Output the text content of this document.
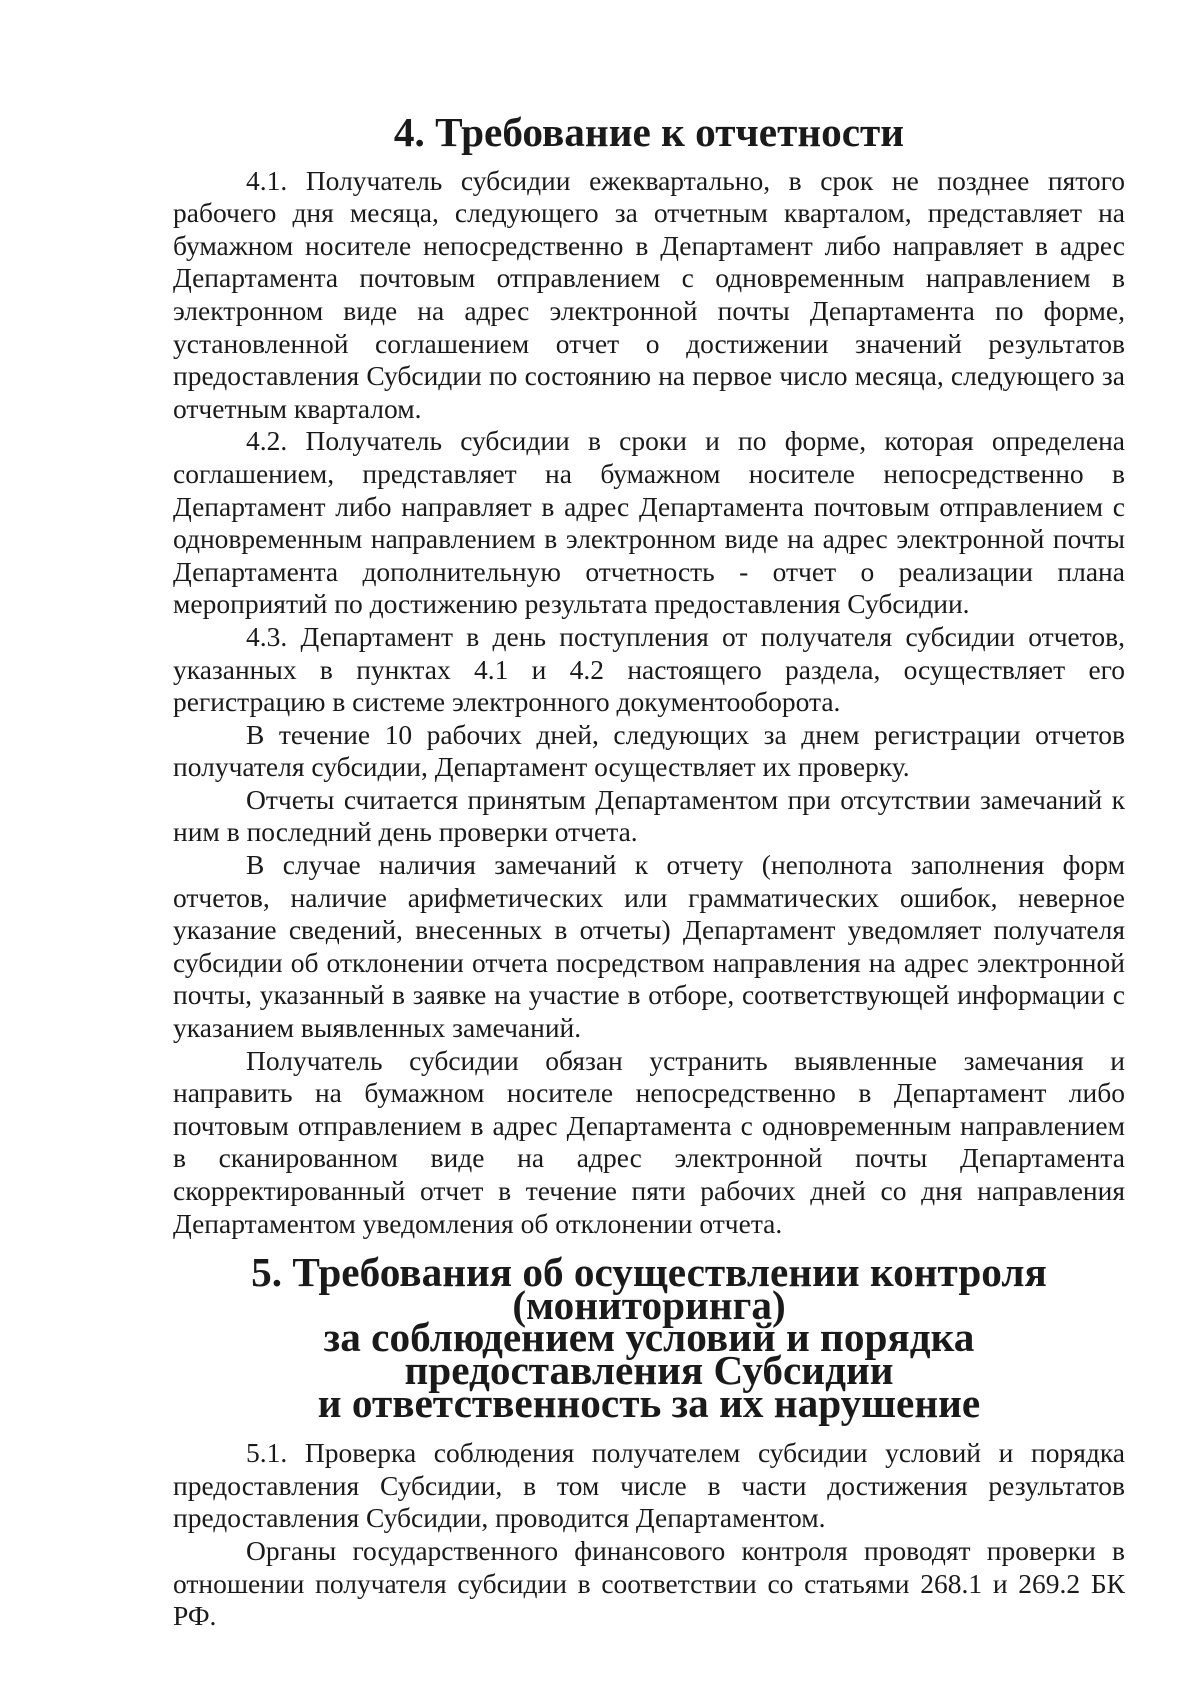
4. Требование к отчетности

4.1. Получатель субсидии ежеквартально, в срок не позднее пятого рабочего дня месяца, следующего за отчетным кварталом, представляет на бумажном носителе непосредственно в Департамент либо направляет в адрес Департамента почтовым отправлением с одновременным направлением в электронном виде на адрес электронной почты Департамента по форме, установленной соглашением отчет о достижении значений результатов предоставления Субсидии по состоянию на первое число месяца, следующего за отчетным кварталом.

4.2. Получатель субсидии в сроки и по форме, которая определена соглашением, представляет на бумажном носителе непосредственно в Департамент либо направляет в адрес Департамента почтовым отправлением с одновременным направлением в электронном виде на адрес электронной почты Департамента дополнительную отчетность - отчет о реализации плана мероприятий по достижению результата предоставления Субсидии.

4.3. Департамент в день поступления от получателя субсидии отчетов, указанных в пунктах 4.1 и 4.2 настоящего раздела, осуществляет его регистрацию в системе электронного документооборота.

В течение 10 рабочих дней, следующих за днем регистрации отчетов получателя субсидии, Департамент осуществляет их проверку.

Отчеты считается принятым Департаментом при отсутствии замечаний к ним в последний день проверки отчета.

В случае наличия замечаний к отчету (неполнота заполнения форм отчетов, наличие арифметических или грамматических ошибок, неверное указание сведений, внесенных в отчеты) Департамент уведомляет получателя субсидии об отклонении отчета посредством направления на адрес электронной почты, указанный в заявке на участие в отборе, соответствующей информации с указанием выявленных замечаний.

Получатель субсидии обязан устранить выявленные замечания и направить на бумажном носителе непосредственно в Департамент либо почтовым отправлением в адрес Департамента с одновременным направлением в сканированном виде на адрес электронной почты Департамента скорректированный отчет в течение пяти рабочих дней со дня направления Департаментом уведомления об отклонении отчета.

5. Требования об осуществлении контроля (мониторинга)
за соблюдением условий и порядка предоставления Субсидии
и ответственность за их нарушение

5.1. Проверка соблюдения получателем субсидии условий и порядка предоставления Субсидии, в том числе в части достижения результатов предоставления Субсидии, проводится Департаментом.

Органы государственного финансового контроля проводят проверки в отношении получателя субсидии в соответствии со статьями 268.1 и 269.2 БК РФ.
